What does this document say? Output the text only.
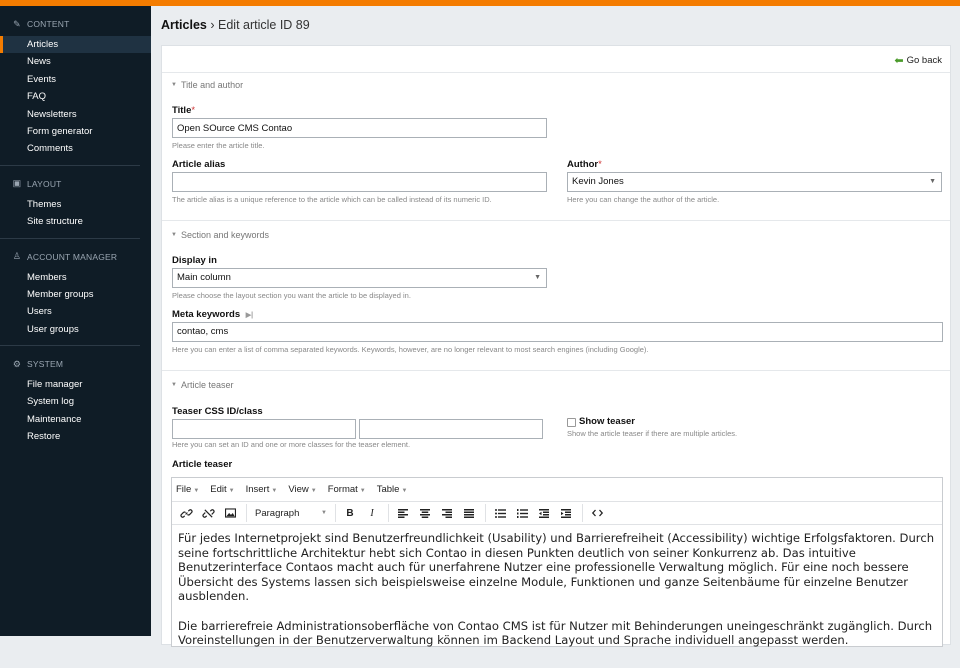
✎ CONTENT
Articles
News
Events
FAQ
Newsletters
Form generator
Comments
▣ LAYOUT
Themes
Site structure
♙ ACCOUNT MANAGER
Members
Member groups
Users
User groups
⚙ SYSTEM
File manager
System log
Maintenance
Restore
Articles › Edit article ID 89
⬅ Go back
▼ Title and author
Title*
Open SOurce CMS Contao
Please enter the article title.
Article alias
The article alias is a unique reference to the article which can be called instead of its numeric ID.
Author*
Kevin Jones	▼
Here you can change the author of the article.
▼ Section and keywords
Display in
Main column	▼
Please choose the layout section you want the article to be displayed in.
Meta keywords ▶|
contao, cms
Here you can enter a list of comma separated keywords. Keywords, however, are no longer relevant to most search engines (including Google).
▼ Article teaser
Teaser CSS ID/class
Here you can set an ID and one or more classes for the teaser element.
Show teaser
Show the article teaser if there are multiple articles.
Article teaser
File ▼ Edit ▼ Insert ▼ View ▼ Format ▼ Table ▼
Paragraph	▼	B	I

Für jedes Internetprojekt sind Benutzerfreundlichkeit (Usability) und Barrierefreiheit (Accessibility) wichtige Erfolgsfaktoren. Durch seine fortschrittliche Architektur hebt sich Contao in diesen Punkten deutlich von seiner Konkurrenz ab. Das intuitive Benutzerinterface Contaos macht auch für unerfahrene Nutzer eine professionelle Verwaltung möglich. Für eine noch bessere Übersicht des Systems lassen sich beispielsweise einzelne Module, Funktionen und ganze Seitenbäume für einzelne Benutzer ausblenden.

Die barrierefreie Administrationsoberfläche von Contao CMS ist für Nutzer mit Behinderungen uneingeschränkt zugänglich. Durch Voreinstellungen in der Benutzerverwaltung können im Backend Layout und Sprache individuell angepasst werden.
